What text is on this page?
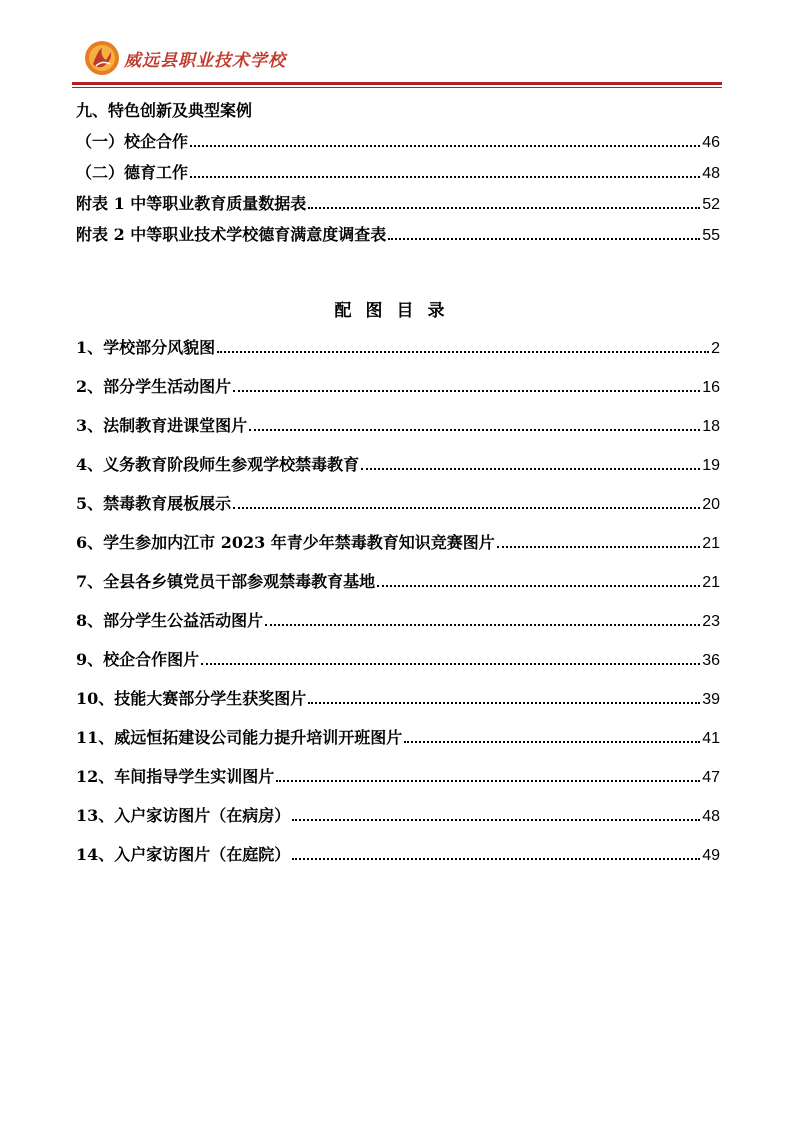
威远县职业技术学校
九、特色创新及典型案例
（一）校企合作	46
（二）德育工作	48
附表 1 中等职业教育质量数据表	52
附表 2 中等职业技术学校德育满意度调查表	55
配图目录
1、学校部分风貌图	2
2、部分学生活动图片	16
3、法制教育进课堂图片	18
4、义务教育阶段师生参观学校禁毒教育	19
5、禁毒教育展板展示	20
6、学生参加内江市 2023 年青少年禁毒教育知识竞赛图片	21
7、全县各乡镇党员干部参观禁毒教育基地	21
8、部分学生公益活动图片	23
9、校企合作图片	36
10、技能大赛部分学生获奖图片	39
11、威远恒拓建设公司能力提升培训开班图片	41
12、车间指导学生实训图片	47
13、入户家访图片（在病房）	48
14、入户家访图片（在庭院）	49
